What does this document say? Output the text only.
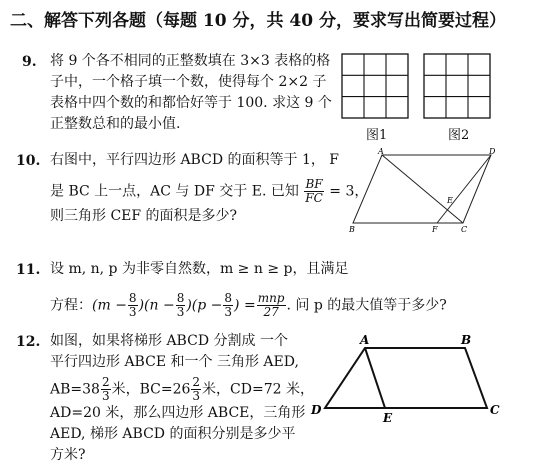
二、解答下列各题（每题 10 分，共 40 分，要求写出简要过程）
9. 将 9 个各不相同的正整数填在 3×3 表格的格
子中，一个格子填一个数，使得每个 2×2 子
表格中四个数的和都恰好等于 100. 求这 9 个
正整数总和的最小值.
图1	图2
10. 右图中，平行四边形 ABCD 的面积等于 1， F
是 BC 上一点，AC 与 DF 交于 E. 已知 $\frac{BF}{FC} = 3$，
则三角形 CEF 的面积是多少?
A	D
B	F	C
E
11. 设 m, n, p 为非零自然数，m ≥ n ≥ p，且满足
方程：$(m - \frac{8}{3} )(n - \frac{8}{3} )(p - \frac{8}{3}$ ) = $\frac{\text{mnp}}{27}$ . 问 p 的最大值等于多少?
12. 如图，如果将梯形 ABCD 分割成 一个
平行四边形 ABCE 和一个 三角形 AED,
$AB=38 \frac{2}{3}$ 米，$BC=26 \frac{2}{3}$ 米，CD=72 米，
AD=20 米，那么四边形 ABCE，三角形
AED, 梯形 ABCD 的面积分别是多少平
方米?
A	B
D
E
C
